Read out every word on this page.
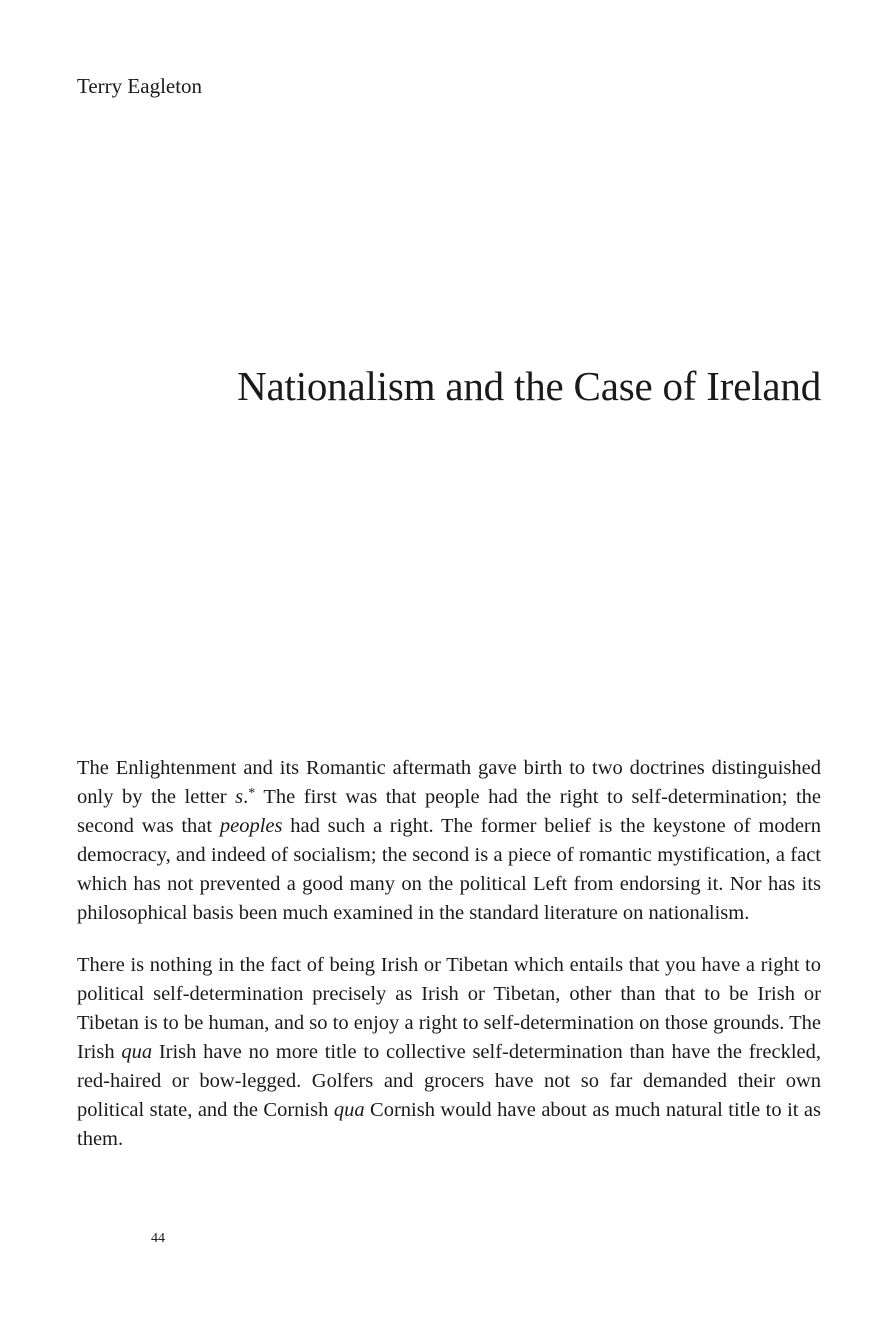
Terry Eagleton
Nationalism and the Case of Ireland

The Enlightenment and its Romantic aftermath gave birth to two doctrines distinguished only by the letter s.* The first was that people had the right to self-determination; the second was that peoples had such a right. The former belief is the keystone of modern democracy, and indeed of socialism; the second is a piece of romantic mystification, a fact which has not prevented a good many on the political Left from endorsing it. Nor has its philosophical basis been much examined in the standard literature on nationalism.

There is nothing in the fact of being Irish or Tibetan which entails that you have a right to political self-determination precisely as Irish or Tibetan, other than that to be Irish or Tibetan is to be human, and so to enjoy a right to self-determination on those grounds. The Irish qua Irish have no more title to collective self-determination than have the freckled, red-haired or bow-legged. Golfers and grocers have not so far demanded their own political state, and the Cornish qua Cornish would have about as much natural title to it as them.

44
